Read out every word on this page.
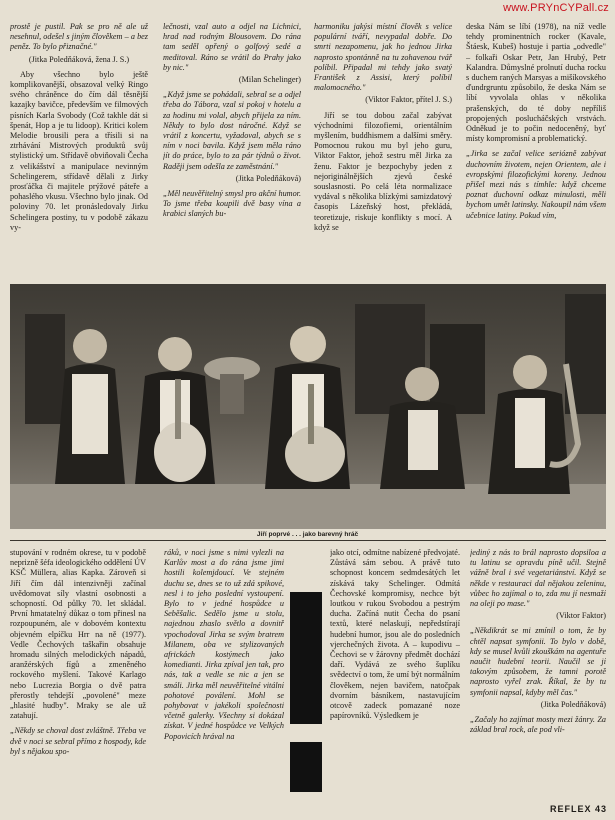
www.PRYnCYPall.cz

prostě je pustil. Pak se pro ně ale už nesehnul, odešel s jiným člověkem – a bez peněz. To bylo přiznačné."

(Jitka Poledňáková, žena J. S.)

Aby všechno bylo ještě komplikovanější, obsazoval velký Ringo svého chráněnce do čím dál těsnější kazajky bavičce, především ve filmových písních Karla Svobody (Což takhle dát si špenát, Hop a je tu lidoop). Kritici kolem Melodie brousili pera a třísili si na ztrhávání Mistrových produktů svůj stylistický um. Střídavě obviňovali Čecha z velikášství a manipulace nevinným Schelingerem, střídavě dělali z Jirky prosťáčka či majitele prýžové páteře a pohaslého vkusu. Všechno bylo jinak. Od poloviny 70. let pronásledovaly Jirku Schelingera postiny, tu v podobě zákazu vy-

lečnosti, vzal auto a odjel na Lichnici, hrad nad rodným Blousovem. Do rána tam seděl opřený o golfový sedé a meditoval. Ráno se vrátil do Prahy jako by nic."

(Milan Schelinger)

„Když jsme se pohádali, sebral se a odjel třeba do Tábora, vzal si pokoj v hotelu a za hodinu mi volal, abych přijela za ním. Někdy to bylo dost náročné. Když se vrátil z koncertu, vyžadoval, abych se s ním v noci bavila. Když jsem měla ráno jít do práce, bylo to za pár týdnů o život. Raději jsem odešla ze zaměstnání."

(Jitka Poledňáková)

„Měl neuvěřitelný smysl pro akční humor. To jsme třeba koupili dvě basy vína a krabici slaných bu-

harmoniku jakýsi místní člověk s velice populární tváří, nevypadal dobře. Do smrti nezapomenu, jak ho jednou Jirka naprosto spontánně na tu zohavenou tvář políbil. Připadal mi tehdy jako svatý František z Assisi, který políbil malomocného."

(Viktor Faktor, přítel J. S.)

Jiří se tou dobou začal zabývat východními filozofiemi, orientálním myšlením, buddhismem a dalšími směry. Pomocnou rukou mu byl jeho guru, Viktor Faktor, jehož sestru měl Jirka za ženu. Faktor je bezpochyby jeden z nejoriginálnějších zjevů české souslasnosti. Po celá léta normalizace vydával s několika blízkými samizdatový časopis Lázeňský host, překládá, teoretizuje, riskuje konflikty s mocí. A když se

deska Nám se líbí (1978), na níž vedle tehdy prominentních rocker (Kavale, Štáesk, Kubeš) hostuje i partia „odvedle" – folkaři Oskar Petr, Jan Hrubý, Petr Kalandra. Důmyslné prolnutí ducha rocku s duchem raných Marsyas a mišíkovského ďundrgruntu způsobilo, že deska Nám se líbí vyvolala ohlas v několika prašenských, do té doby nepříliš propojených poslucháčských vrstvách. Odněkud je to počin nedoceněný, byť místy kompromisní a problematický.

„Jirka se začal velice seriózně zabývat duchovním životem, nejen Orientem, ale i evropskými filozofickými koreny. Jednou přišel mezi nás s tímhle: když chceme poznat duchovní odkaz minulosti, měli bychom umět latinsky. Nakoupil nám všem učebnice latiny. Pokud vím,

Jiří poprvé . . . jako barevný hráč

stupování v rodném okrese, tu v podobě neprizně šéfa ideologického oddělení ÚV KSČ Müllera, alias Kapka. Zároveň si Jiří čím dál intenzivněji začínal uvědomovat síly vlastní osobnosti a schopností. Od půlky 70. let skládal. První hmatatelný důkaz o tom přinesl na rozpoupuném, ale v dobovém kontextu objevném elpíčku Hrr na ně (1977). Vedle Čechových taškařin obsahuje hromadu silných melodických nápadů, aranžérských fígů a zmeněného rockového myšlení. Takové Karlago nebo Lucrezia Borgia o dvě patra přerostly tehdejší „povolené" meze „hlasité hudby". Mraky se ale už zatahují.

„Někdy se choval dost zvláštně. Třeba ve dvě v noci se sebral přímo z hospody, kde byl s nějakou spo-

ráků, v noci jsme s nimi vylezli na Karlův most a do rána jsme jimi hostili kolemjdoucí. Ve stejném duchu se, dnes se to už zdá spikové, nesl i to jeho poslední vystoupení. Bylo to v jedné hospůdce u Seběšalic. Sedělo jsme u stolu, najednou zhaslo světlo a dovnitř vpochodoval Jirka se svým bratrem Milanem, oba ve stylizovaných africkách kostýmech jako komedianti. Jirka zpíval jen tak, pro nás, tak a vedle se nic a jen se smáli. Jirka měl neuvěřitelné vitální pohotové poválení. Mohl se pohybovat v jakékoli společnosti včetně galerky. Všechny si dokázal získat. V jedné hospůdce ve Velkých Popovicích hrával na

jako otcí, odmítne nabízené předvojaté. Zůstává sám sebou. A právě tuto schopnost koncem sedmdesátých let získává taky Schelinger. Odmítá Čechovské kompromisy, nechce být loutkou v rukou Svobodou a pestrým ducha. Začíná nutit Čecha do psaní textů, které nelaskují, nepředstírají hudební humor, jsou ale do posledních vjerchečných života. A – kupodivu – Čechovi se v žárovny předmět dochází daří. Vydává ze svého šuplíku svědectví o tom, že umí být normálním člověkem, nejen bavičem, natočpak dvorním básníkem, nastavujícím otcově zadeck pomazané noze papírovníků. Výsledkem je

jediný z nás to brál naprosto dopsiloa a tu latinu se opravdu píně učil. Stejně vážně bral i své vegetariánství. Když se někde v restauraci dal nějakou zeleninu, vůbec ho zajímal o to, zda mu jí nesmaží na oleji po mase."

(Viktor Faktor)

„Někdikrát se mi zmínil o tom, že by chtěl napsat symfonii. To bylo v době, kdy se musel kvůli zkouškám na agentuře naučit hudební teorii. Naučil se jí takovým způsobem, že tamni porotě naprosto vyřel zrak. Říkal, že by tu symfonii napsal, kdyby měl čas."

(Jitka Poledňáková)

„Začaly ho zajímat mosty mezi žánry. Za základ bral rock, ale pod vli-

REFLEX 43
